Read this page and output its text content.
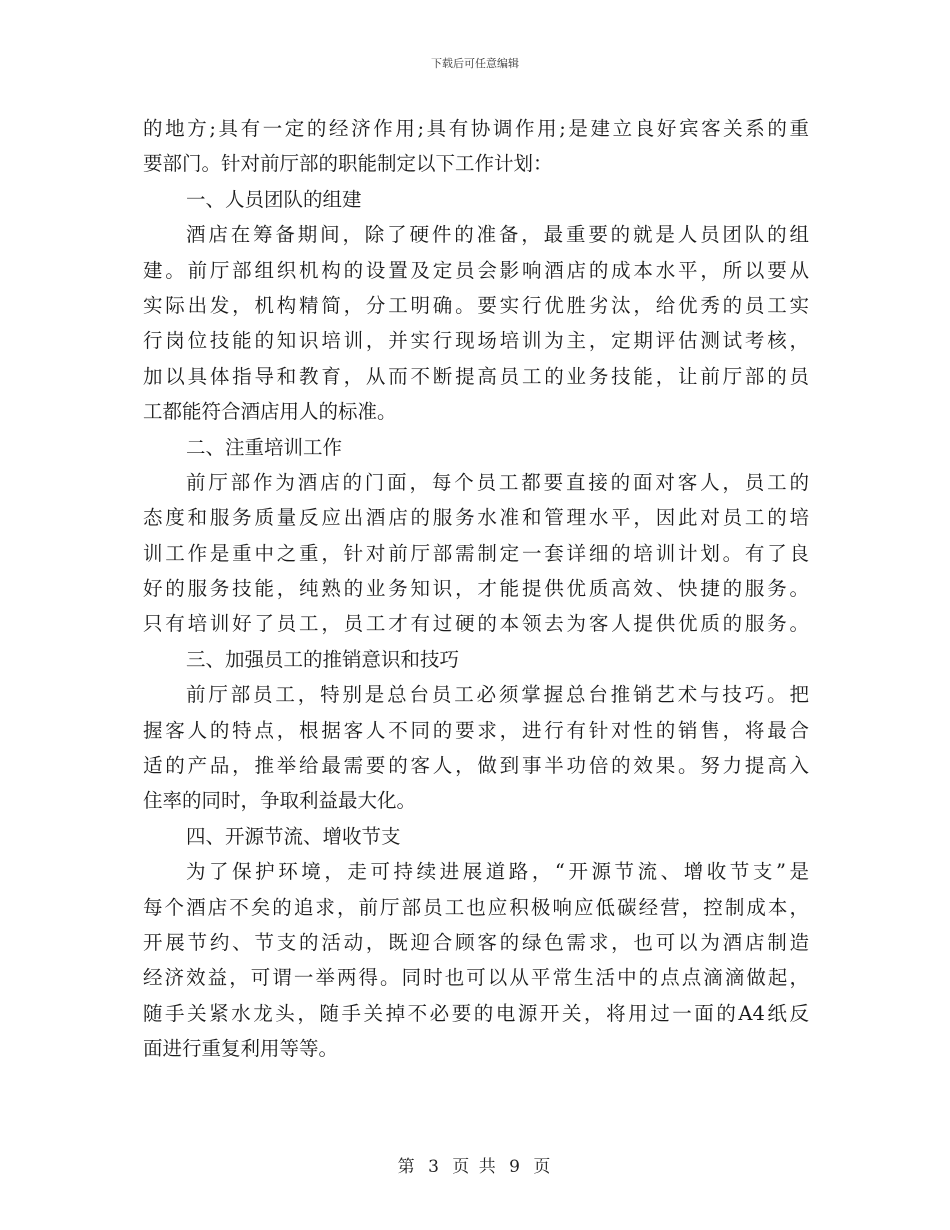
下载后可任意编辑
的地方;具有一定的经济作用;具有协调作用;是建立良好宾客关系的重
要部门。针对前厅部的职能制定以下工作计划：
一、人员团队的组建
酒店在筹备期间，除了硬件的准备，最重要的就是人员团队的组
建。前厅部组织机构的设置及定员会影响酒店的成本水平，所以要从
实际出发，机构精简，分工明确。要实行优胜劣汰，给优秀的员工实
行岗位技能的知识培训，并实行现场培训为主，定期评估测试考核，
加以具体指导和教育，从而不断提高员工的业务技能，让前厅部的员
工都能符合酒店用人的标准。
二、注重培训工作
前厅部作为酒店的门面，每个员工都要直接的面对客人，员工的
态度和服务质量反应出酒店的服务水准和管理水平，因此对员工的培
训工作是重中之重，针对前厅部需制定一套详细的培训计划。有了良
好的服务技能，纯熟的业务知识，才能提供优质高效、快捷的服务。
只有培训好了员工，员工才有过硬的本领去为客人提供优质的服务。
三、加强员工的推销意识和技巧
前厅部员工，特别是总台员工必须掌握总台推销艺术与技巧。把
握客人的特点，根据客人不同的要求，进行有针对性的销售，将最合
适的产品，推举给最需要的客人，做到事半功倍的效果。努力提高入
住率的同时，争取利益最大化。
四、开源节流、增收节支
为了保护环境，走可持续进展道路，“开源节流、增收节支”是
每个酒店不矣的追求，前厅部员工也应积极响应低碳经营，控制成本，
开展节约、节支的活动，既迎合顾客的绿色需求，也可以为酒店制造
经济效益，可谓一举两得。同时也可以从平常生活中的点点滴滴做起，
随手关紧水龙头，随手关掉不必要的电源开关，将用过一面的A4纸反
面进行重复利用等等。
第 3 页 共 9 页
